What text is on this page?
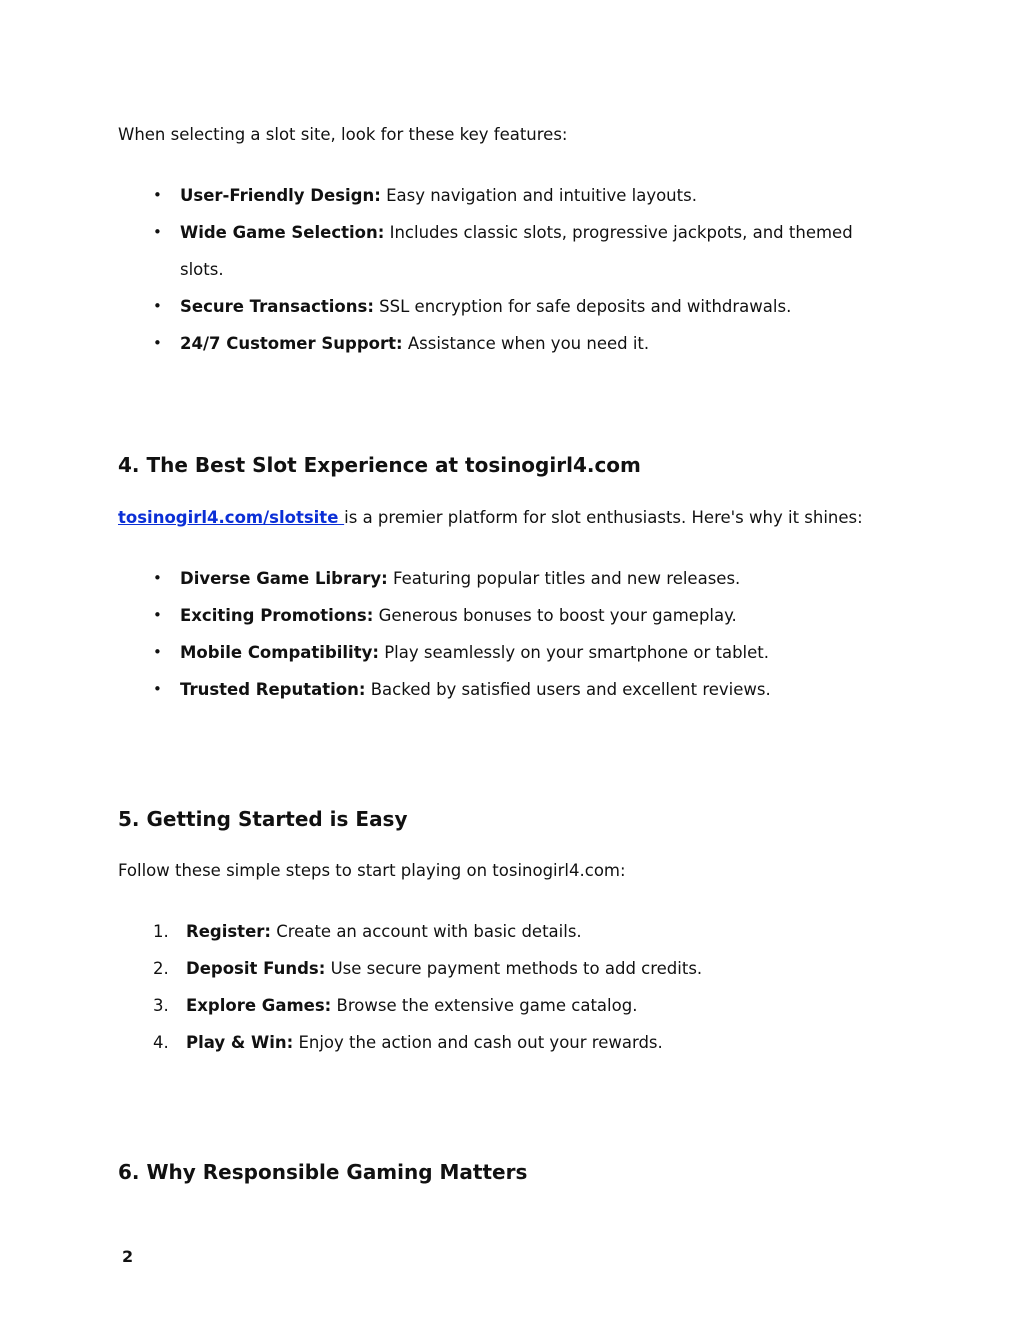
When selecting a slot site, look for these key features:

• User-Friendly Design: Easy navigation and intuitive layouts.
• Wide Game Selection: Includes classic slots, progressive jackpots, and themed slots.
• Secure Transactions: SSL encryption for safe deposits and withdrawals.
• 24/7 Customer Support: Assistance when you need it.
4. The Best Slot Experience at tosinogirl4.com

tosinogirl4.com/slotsite is a premier platform for slot enthusiasts. Here's why it shines:

• Diverse Game Library: Featuring popular titles and new releases.
• Exciting Promotions: Generous bonuses to boost your gameplay.
• Mobile Compatibility: Play seamlessly on your smartphone or tablet.
• Trusted Reputation: Backed by satisfied users and excellent reviews.
5. Getting Started is Easy

Follow these simple steps to start playing on tosinogirl4.com:

1. Register: Create an account with basic details.
2. Deposit Funds: Use secure payment methods to add credits.
3. Explore Games: Browse the extensive game catalog.
4. Play & Win: Enjoy the action and cash out your rewards.
6. Why Responsible Gaming Matters
2
